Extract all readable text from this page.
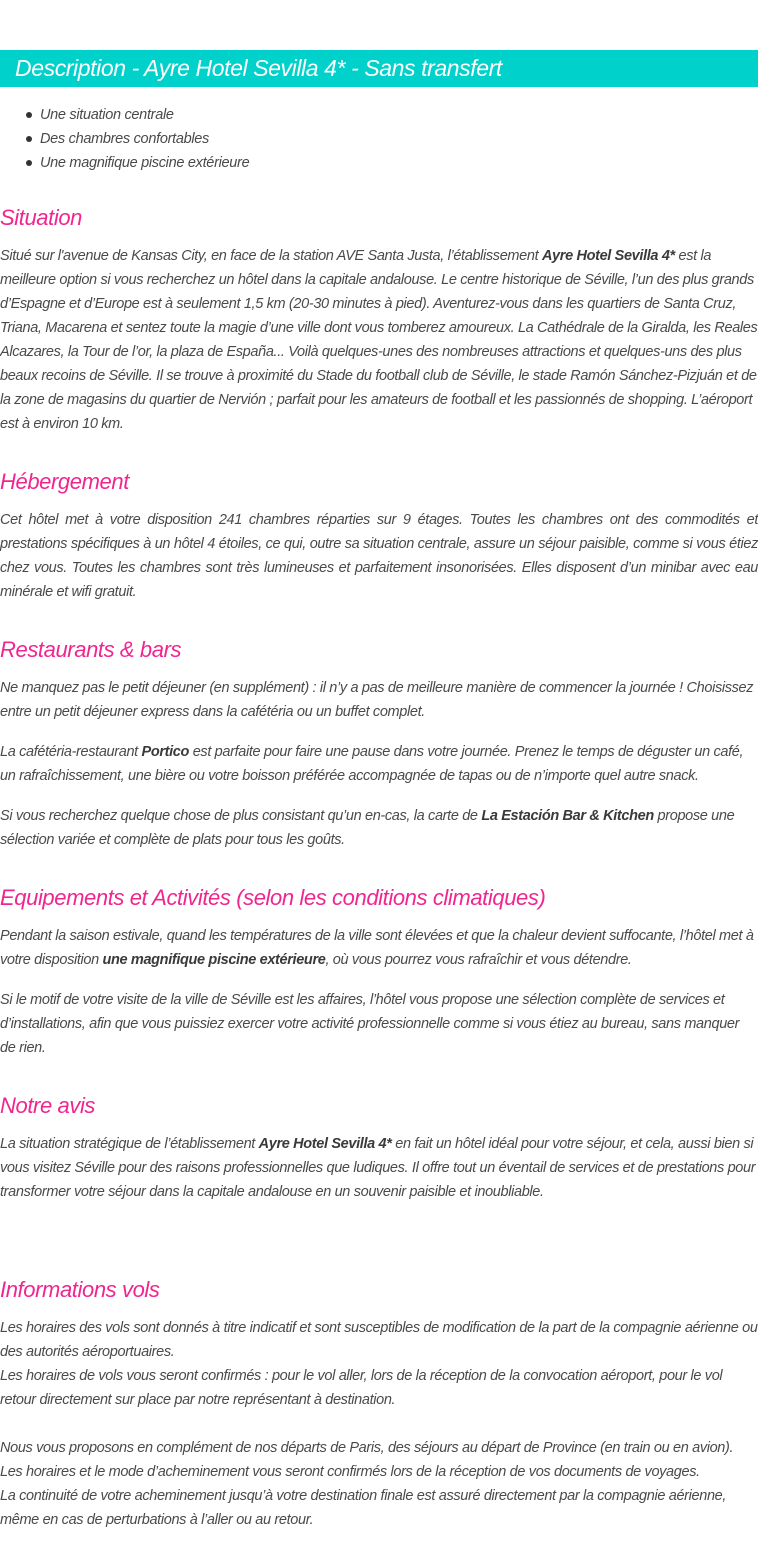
Description - Ayre Hotel Sevilla 4* - Sans transfert
Une situation centrale
Des chambres confortables
Une magnifique piscine extérieure
Situation

Situé sur l'avenue de Kansas City, en face de la station AVE Santa Justa, l’établissement Ayre Hotel Sevilla 4* est la meilleure option si vous recherchez un hôtel dans la capitale andalouse. Le centre historique de Séville, l’un des plus grands d’Espagne et d’Europe est à seulement 1,5 km (20-30 minutes à pied). Aventurez-vous dans les quartiers de Santa Cruz, Triana, Macarena et sentez toute la magie d’une ville dont vous tomberez amoureux. La Cathédrale de la Giralda, les Reales Alcazares, la Tour de l’or, la plaza de España... Voilà quelques-unes des nombreuses attractions et quelques-uns des plus beaux recoins de Séville. Il se trouve à proximité du Stade du football club de Séville, le stade Ramón Sánchez-Pizjuán et de la zone de magasins du quartier de Nervión ; parfait pour les amateurs de football et les passionnés de shopping. L’aéroport est à environ 10 km.

Hébergement

Cet hôtel met à votre disposition 241 chambres réparties sur 9 étages. Toutes les chambres ont des commodités et prestations spécifiques à un hôtel 4 étoiles, ce qui, outre sa situation centrale, assure un séjour paisible, comme si vous étiez chez vous. Toutes les chambres sont très lumineuses et parfaitement insonorisées. Elles disposent d’un minibar avec eau minérale et wifi gratuit.

Restaurants & bars

Ne manquez pas le petit déjeuner (en supplément) : il n’y a pas de meilleure manière de commencer la journée ! Choisissez entre un petit déjeuner express dans la cafétéria ou un buffet complet.

La cafétéria-restaurant Portico est parfaite pour faire une pause dans votre journée. Prenez le temps de déguster un café, un rafraîchissement, une bière ou votre boisson préférée accompagnée de tapas ou de n’importe quel autre snack.

Si vous recherchez quelque chose de plus consistant qu’un en-cas, la carte de La Estación Bar & Kitchen propose une sélection variée et complète de plats pour tous les goûts.

Equipements et Activités (selon les conditions climatiques)

Pendant la saison estivale, quand les températures de la ville sont élevées et que la chaleur devient suffocante, l’hôtel met à votre disposition une magnifique piscine extérieure, où vous pourrez vous rafraîchir et vous détendre.

Si le motif de votre visite de la ville de Séville est les affaires, l’hôtel vous propose une sélection complète de services et d’installations, afin que vous puissiez exercer votre activité professionnelle comme si vous étiez au bureau, sans manquer de rien.

Notre avis

La situation stratégique de l’établissement Ayre Hotel Sevilla 4* en fait un hôtel idéal pour votre séjour, et cela, aussi bien si vous visitez Séville pour des raisons professionnelles que ludiques. Il offre tout un éventail de services et de prestations pour transformer votre séjour dans la capitale andalouse en un souvenir paisible et inoubliable.

Informations vols

Les horaires des vols sont donnés à titre indicatif et sont susceptibles de modification de la part de la compagnie aérienne ou des autorités aéroportuaires.
Les horaires de vols vous seront confirmés : pour le vol aller, lors de la réception de la convocation aéroport, pour le vol retour directement sur place par notre représentant à destination.

Nous vous proposons en complément de nos départs de Paris, des séjours au départ de Province (en train ou en avion).
Les horaires et le mode d’acheminement vous seront confirmés lors de la réception de vos documents de voyages.
La continuité de votre acheminement jusqu’à votre destination finale est assuré directement par la compagnie aérienne, même en cas de perturbations à l’aller ou au retour.
